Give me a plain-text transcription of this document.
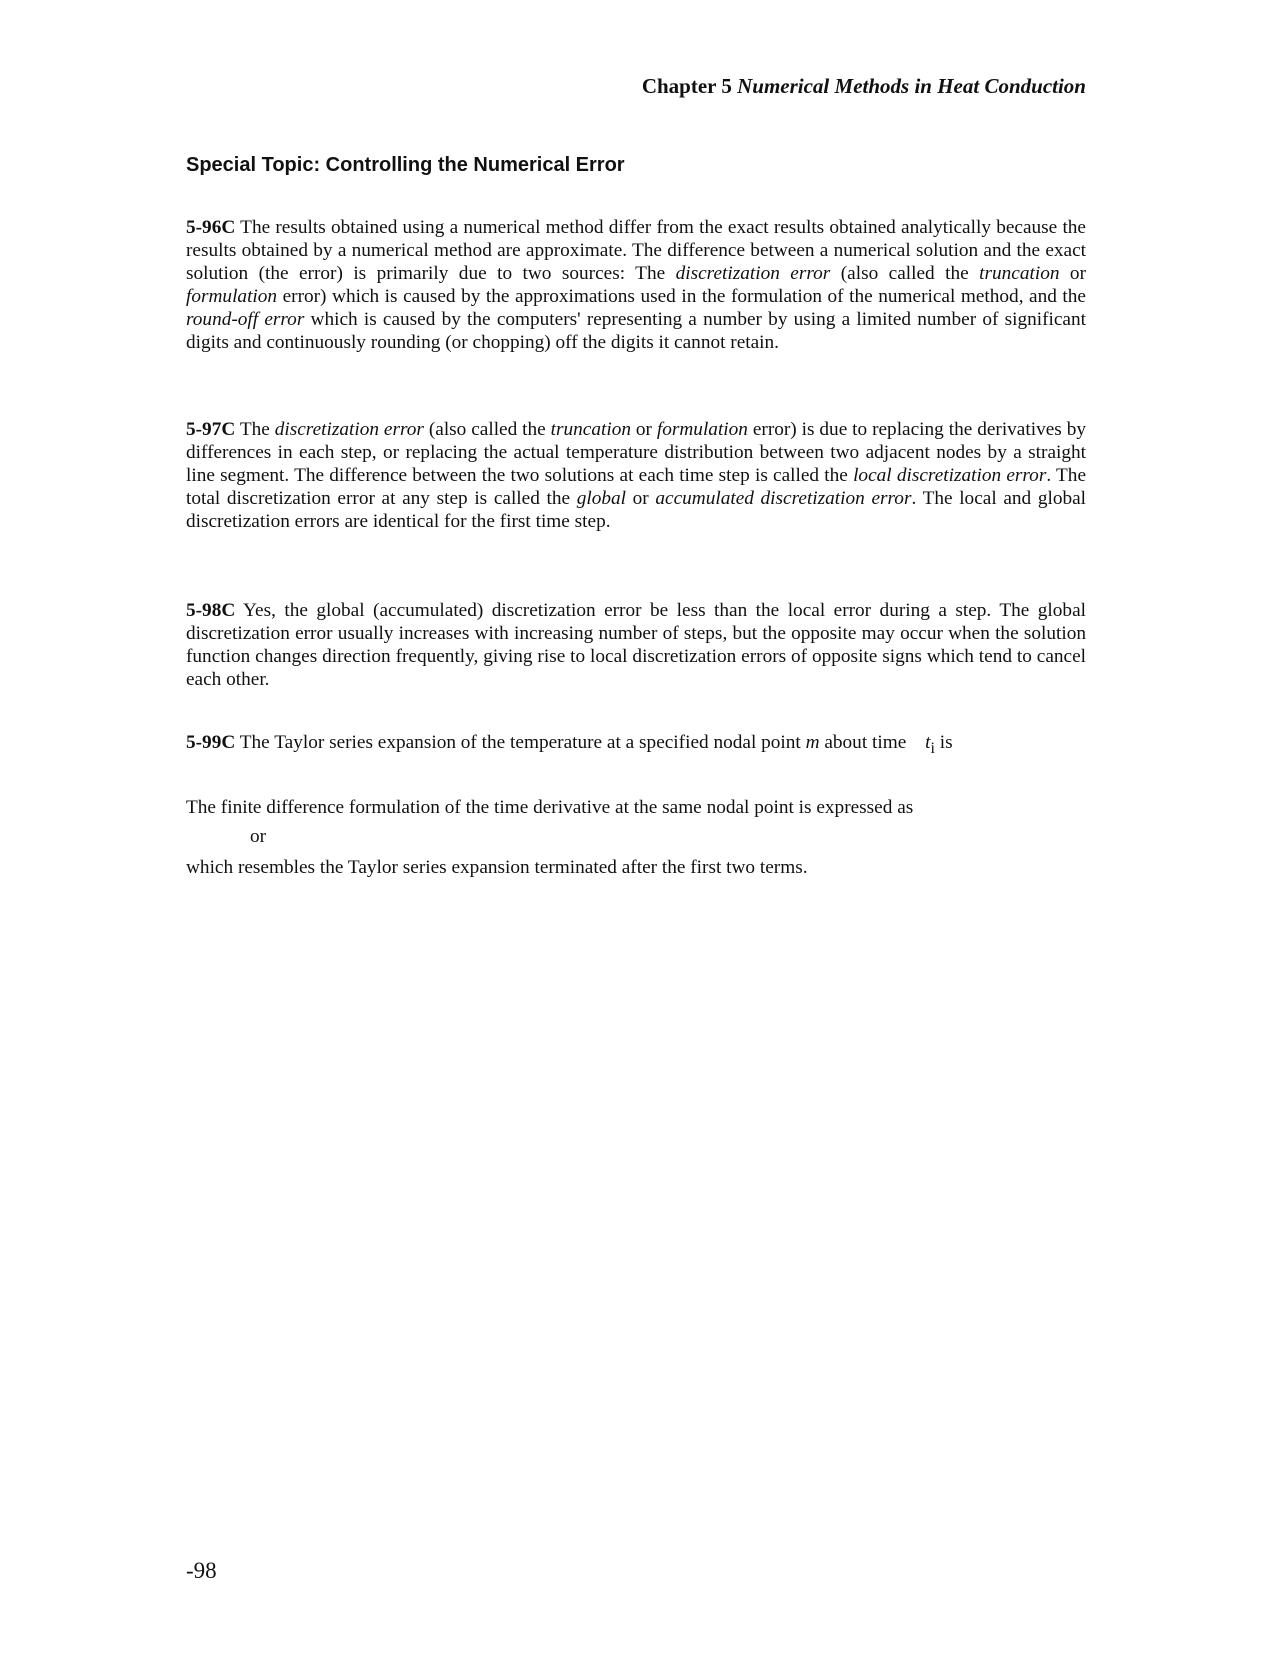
Chapter 5 Numerical Methods in Heat Conduction
Special Topic: Controlling the Numerical Error

5-96C The results obtained using a numerical method differ from the exact results obtained analytically because the results obtained by a numerical method are approximate. The difference between a numerical solution and the exact solution (the error) is primarily due to two sources: The discretization error (also called the truncation or formulation error) which is caused by the approximations used in the formulation of the numerical method, and the round-off error which is caused by the computers' representing a number by using a limited number of significant digits and continuously rounding (or chopping) off the digits it cannot retain.

5-97C The discretization error (also called the truncation or formulation error) is due to replacing the derivatives by differences in each step, or replacing the actual temperature distribution between two adjacent nodes by a straight line segment. The difference between the two solutions at each time step is called the local discretization error. The total discretization error at any step is called the global or accumulated discretization error. The local and global discretization errors are identical for the first time step.

5-98C Yes, the global (accumulated) discretization error be less than the local error during a step. The global discretization error usually increases with increasing number of steps, but the opposite may occur when the solution function changes direction frequently, giving rise to local discretization errors of opposite signs which tend to cancel each other.

5-99C The Taylor series expansion of the temperature at a specified nodal point m about time $t_i$ is

The finite difference formulation of the time derivative at the same nodal point is expressed as

or

which resembles the Taylor series expansion terminated after the first two terms.

-98
